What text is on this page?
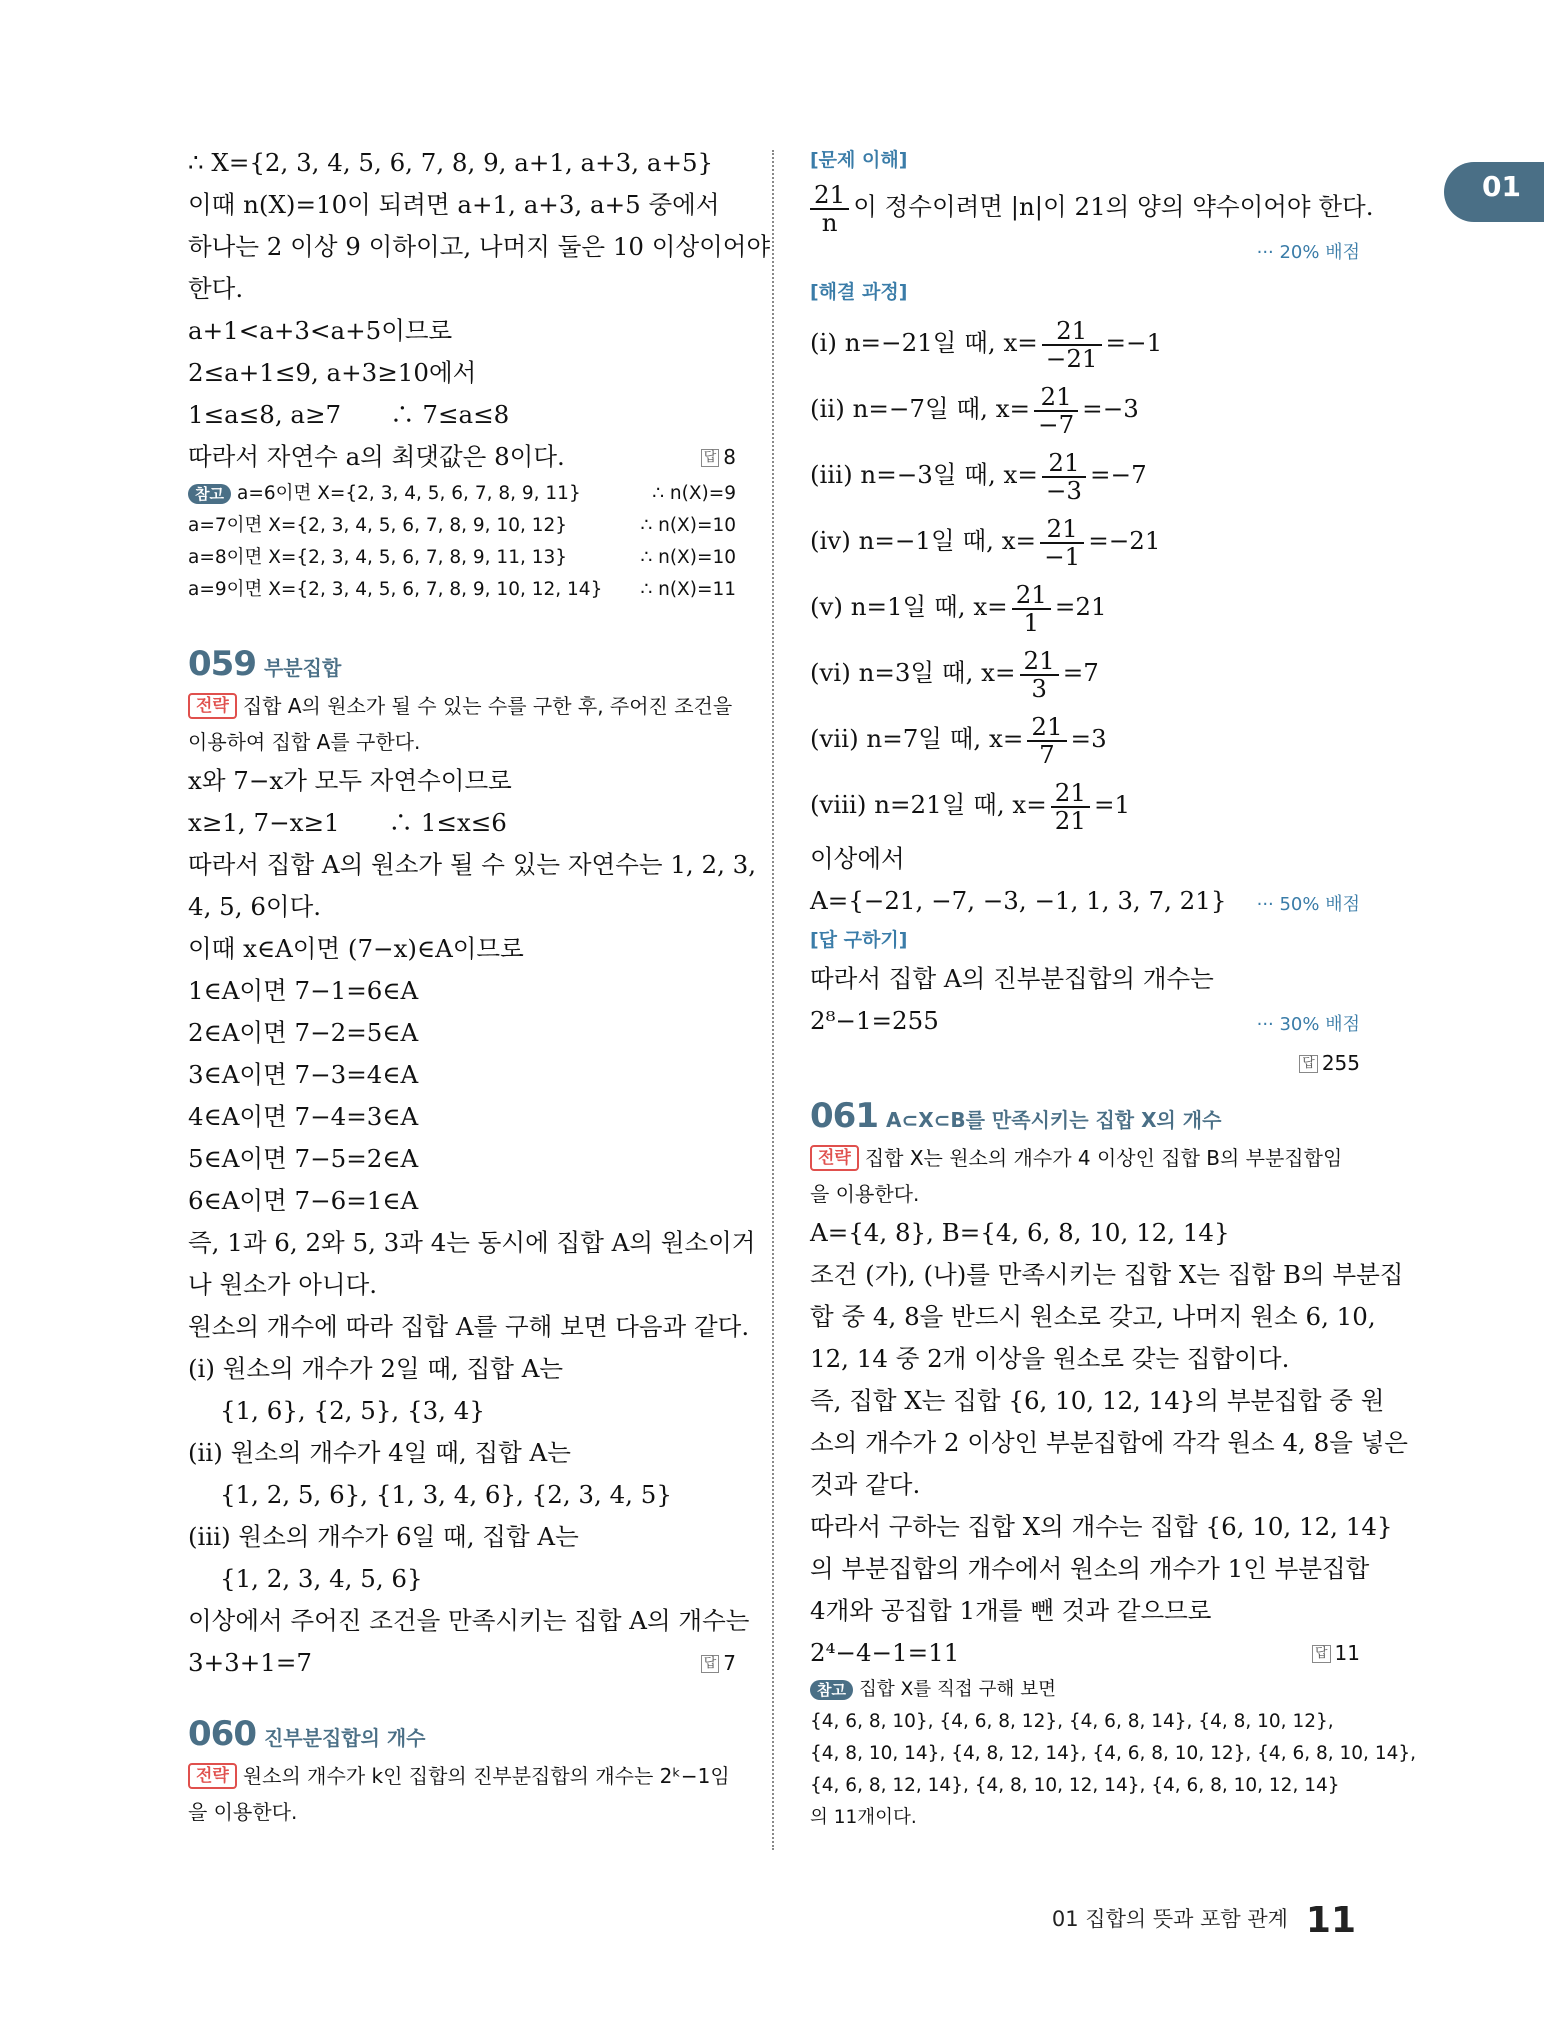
01
∴ X={2, 3, 4, 5, 6, 7, 8, 9, a+1, a+3, a+5}
이때 n(X)=10이 되려면 a+1, a+3, a+5 중에서
하나는 2 이상 9 이하이고, 나머지 둘은 10 이상이어야
한다.
a+1<a+3<a+5이므로
2≤a+1≤9, a+3≥10에서
1≤a≤8, a≥7　　∴ 7≤a≤8
따라서 자연수 a의 최댓값은 8이다.	답 8
참고 a=6이면 X={2, 3, 4, 5, 6, 7, 8, 9, 11}	∴ n(X)=9
a=7이면 X={2, 3, 4, 5, 6, 7, 8, 9, 10, 12}	∴ n(X)=10
a=8이면 X={2, 3, 4, 5, 6, 7, 8, 9, 11, 13}	∴ n(X)=10
a=9이면 X={2, 3, 4, 5, 6, 7, 8, 9, 10, 12, 14} ∴ n(X)=11
059 부분집합
전략 집합 A의 원소가 될 수 있는 수를 구한 후, 주어진 조건을
이용하여 집합 A를 구한다.
x와 7−x가 모두 자연수이므로
x≥1, 7−x≥1　　∴ 1≤x≤6
따라서 집합 A의 원소가 될 수 있는 자연수는 1, 2, 3,
4, 5, 6이다.
이때 x∈A이면 (7−x)∈A이므로
1∈A이면 7−1=6∈A
2∈A이면 7−2=5∈A
3∈A이면 7−3=4∈A
4∈A이면 7−4=3∈A
5∈A이면 7−5=2∈A
6∈A이면 7−6=1∈A
즉, 1과 6, 2와 5, 3과 4는 동시에 집합 A의 원소이거
나 원소가 아니다.
원소의 개수에 따라 집합 A를 구해 보면 다음과 같다.
(ⅰ) 원소의 개수가 2일 때, 집합 A는
{1, 6}, {2, 5}, {3, 4}
(ⅱ) 원소의 개수가 4일 때, 집합 A는
{1, 2, 5, 6}, {1, 3, 4, 6}, {2, 3, 4, 5}
(ⅲ) 원소의 개수가 6일 때, 집합 A는
{1, 2, 3, 4, 5, 6}
이상에서 주어진 조건을 만족시키는 집합 A의 개수는
3+3+1=7	답 7
060 진부분집합의 개수
전략 원소의 개수가 k인 집합의 진부분집합의 개수는 2ᵏ−1임
을 이용한다.
[문제 이해]
$\frac{21}{n}$ 이 정수이려면 |n|이 21의 양의 약수이어야 한다.
··· 20% 배점
[해결 과정]
(ⅰ) n=−21일 때, $x= \frac{21}{-21} =-1$
(ⅱ) n=−7일 때, $x= \frac{21}{-7} =-3$
(ⅲ) n=−3일 때, $x= \frac{21}{-3} =-7$
(ⅳ) n=−1일 때, $x= \frac{21}{-1} =-21$
(ⅴ) n=1일 때, $x= \frac{21}{1} =21$
(ⅵ) n=3일 때, $x= \frac{21}{3} =7$
(ⅶ) n=7일 때, $x= \frac{21}{7} =3$
(ⅷ) n=21일 때, $x= \frac{21}{21} =1$
이상에서
A={−21, −7, −3, −1, 1, 3, 7, 21} ··· 50% 배점
[답 구하기]
따라서 집합 A의 진부분집합의 개수는
2⁸−1=255	··· 30% 배점
답 255
061 A⊂X⊂B를 만족시키는 집합 X의 개수
전략 집합 X는 원소의 개수가 4 이상인 집합 B의 부분집합임
을 이용한다.
A={4, 8}, B={4, 6, 8, 10, 12, 14}
조건 (가), (나)를 만족시키는 집합 X는 집합 B의 부분집
합 중 4, 8을 반드시 원소로 갖고, 나머지 원소 6, 10,
12, 14 중 2개 이상을 원소로 갖는 집합이다.
즉, 집합 X는 집합 {6, 10, 12, 14}의 부분집합 중 원
소의 개수가 2 이상인 부분집합에 각각 원소 4, 8을 넣은
것과 같다.
따라서 구하는 집합 X의 개수는 집합 {6, 10, 12, 14}
의 부분집합의 개수에서 원소의 개수가 1인 부분집합
4개와 공집합 1개를 뺀 것과 같으므로
2⁴−4−1=11	답 11
참고 집합 X를 직접 구해 보면
{4, 6, 8, 10}, {4, 6, 8, 12}, {4, 6, 8, 14}, {4, 8, 10, 12},
{4, 8, 10, 14}, {4, 8, 12, 14}, {4, 6, 8, 10, 12}, {4, 6, 8, 10, 14},
{4, 6, 8, 12, 14}, {4, 8, 10, 12, 14}, {4, 6, 8, 10, 12, 14}
의 11개이다.
01 집합의 뜻과 포함 관계 11
